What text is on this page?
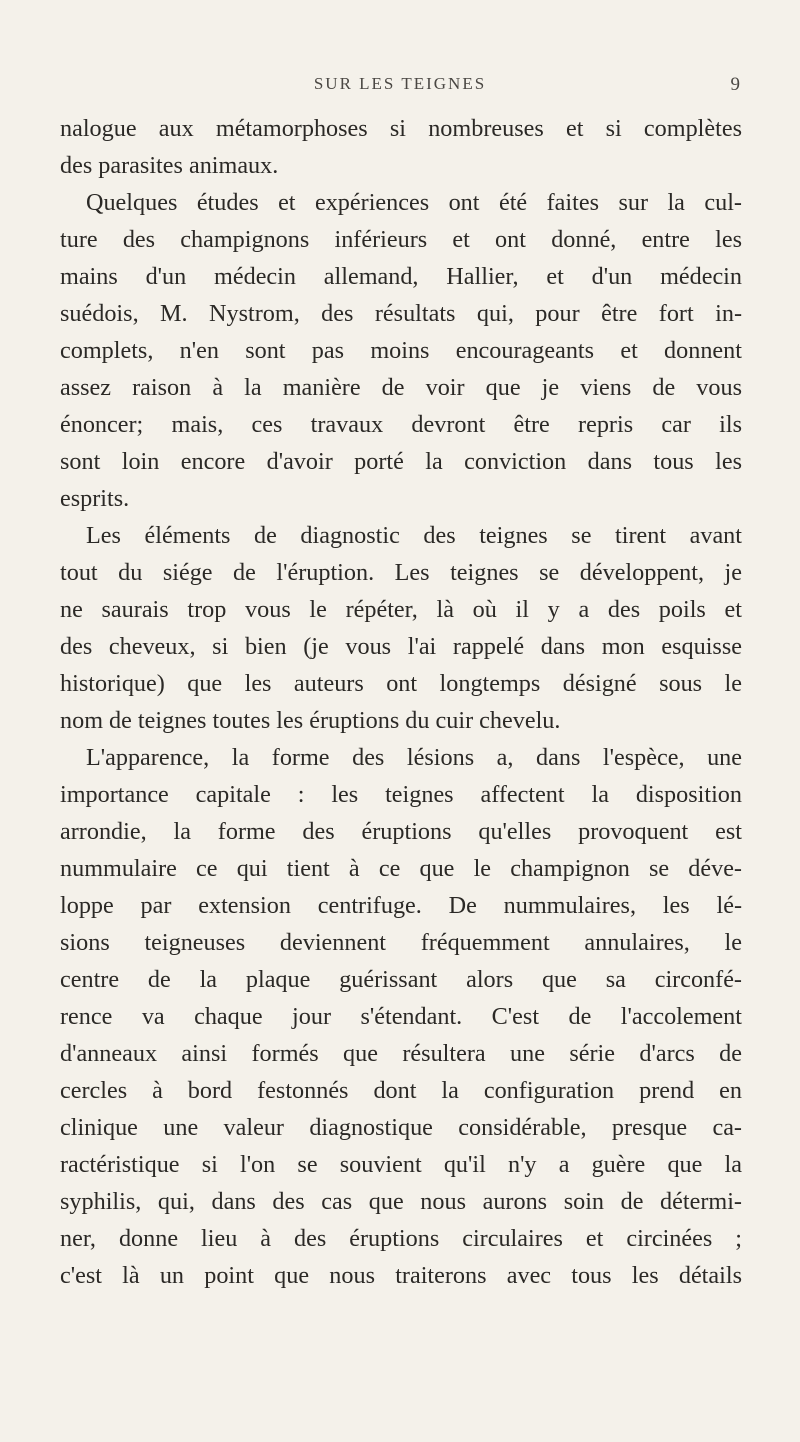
SUR LES TEIGNES	9
nalogue aux métamorphoses si nombreuses et si complètes
des parasites animaux.
Quelques études et expériences ont été faites sur la cul-
ture des champignons inférieurs et ont donné, entre les
mains d'un médecin allemand, Hallier, et d'un médecin
suédois, M. Nystrom, des résultats qui, pour être fort in-
complets, n'en sont pas moins encourageants et donnent
assez raison à la manière de voir que je viens de vous
énoncer; mais, ces travaux devront être repris car ils
sont loin encore d'avoir porté la conviction dans tous les
esprits.
Les éléments de diagnostic des teignes se tirent avant
tout du siége de l'éruption. Les teignes se développent, je
ne saurais trop vous le répéter, là où il y a des poils et
des cheveux, si bien (je vous l'ai rappelé dans mon esquisse
historique) que les auteurs ont longtemps désigné sous le
nom de teignes toutes les éruptions du cuir chevelu.
L'apparence, la forme des lésions a, dans l'espèce, une
importance capitale : les teignes affectent la disposition
arrondie, la forme des éruptions qu'elles provoquent est
nummulaire ce qui tient à ce que le champignon se déve-
loppe par extension centrifuge. De nummulaires, les lé-
sions teigneuses deviennent fréquemment annulaires, le
centre de la plaque guérissant alors que sa circonfé-
rence va chaque jour s'étendant. C'est de l'accolement
d'anneaux ainsi formés que résultera une série d'arcs de
cercles à bord festonnés dont la configuration prend en
clinique une valeur diagnostique considérable, presque ca-
ractéristique si l'on se souvient qu'il n'y a guère que la
syphilis, qui, dans des cas que nous aurons soin de détermi-
ner, donne lieu à des éruptions circulaires et circinées ;
c'est là un point que nous traiterons avec tous les détails
